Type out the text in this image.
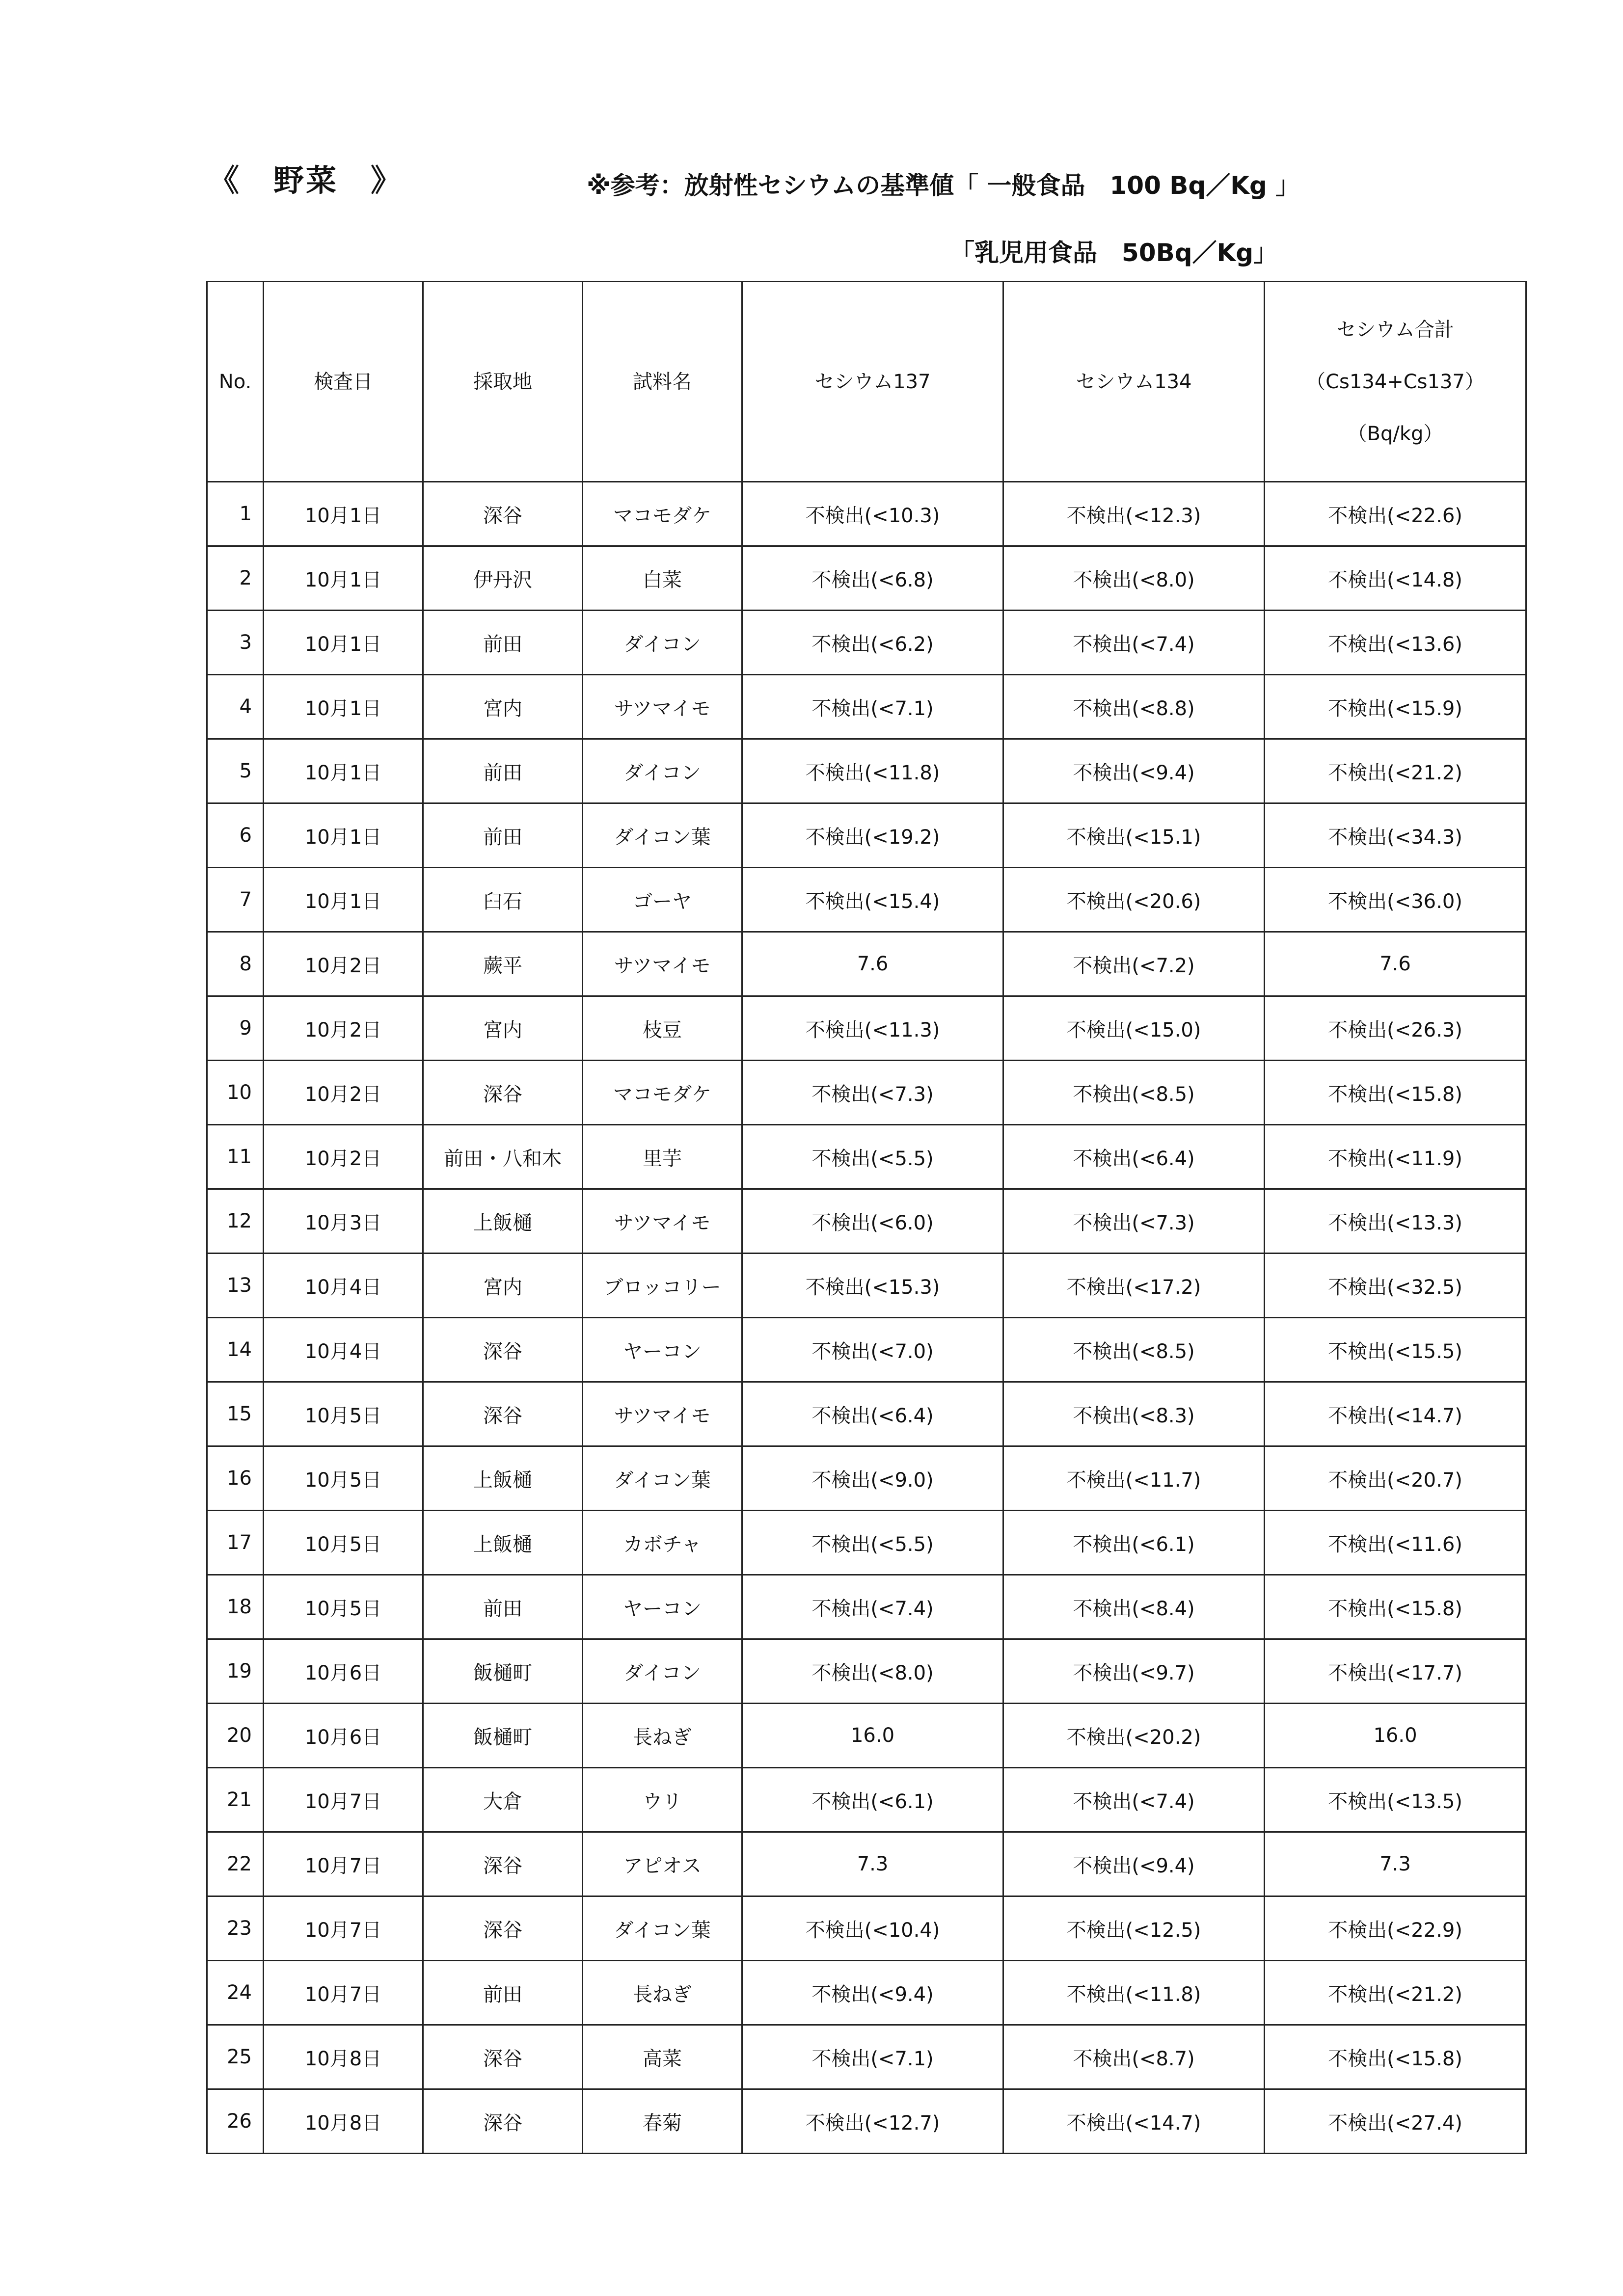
《　野菜　》	※参考：放射性セシウムの基準値「 一般食品　100 Bq／Kg 」
「乳児用食品　50Bq／Kg」
No.	検査日	採取地	試料名	セシウム137	セシウム134	セシウム合計
（Cs134+Cs137）
（Bq/kg）

1	10月1日	深谷	マコモダケ	不検出(<10.3)	不検出(<12.3)	不検出(<22.6)
2	10月1日	伊丹沢	白菜	不検出(<6.8)	不検出(<8.0)	不検出(<14.8)
3	10月1日	前田	ダイコン	不検出(<6.2)	不検出(<7.4)	不検出(<13.6)
4	10月1日	宮内	サツマイモ	不検出(<7.1)	不検出(<8.8)	不検出(<15.9)
5	10月1日	前田	ダイコン	不検出(<11.8)	不検出(<9.4)	不検出(<21.2)
6	10月1日	前田	ダイコン葉	不検出(<19.2)	不検出(<15.1)	不検出(<34.3)
7	10月1日	臼石	ゴーヤ	不検出(<15.4)	不検出(<20.6)	不検出(<36.0)
8	10月2日	蕨平	サツマイモ	7.6	不検出(<7.2)	7.6
9	10月2日	宮内	枝豆	不検出(<11.3)	不検出(<15.0)	不検出(<26.3)
10	10月2日	深谷	マコモダケ	不検出(<7.3)	不検出(<8.5)	不検出(<15.8)
11	10月2日	前田・八和木	里芋	不検出(<5.5)	不検出(<6.4)	不検出(<11.9)
12	10月3日	上飯樋	サツマイモ	不検出(<6.0)	不検出(<7.3)	不検出(<13.3)
13	10月4日	宮内	ブロッコリー	不検出(<15.3)	不検出(<17.2)	不検出(<32.5)
14	10月4日	深谷	ヤーコン	不検出(<7.0)	不検出(<8.5)	不検出(<15.5)
15	10月5日	深谷	サツマイモ	不検出(<6.4)	不検出(<8.3)	不検出(<14.7)
16	10月5日	上飯樋	ダイコン葉	不検出(<9.0)	不検出(<11.7)	不検出(<20.7)
17	10月5日	上飯樋	カボチャ	不検出(<5.5)	不検出(<6.1)	不検出(<11.6)
18	10月5日	前田	ヤーコン	不検出(<7.4)	不検出(<8.4)	不検出(<15.8)
19	10月6日	飯樋町	ダイコン	不検出(<8.0)	不検出(<9.7)	不検出(<17.7)
20	10月6日	飯樋町	長ねぎ	16.0	不検出(<20.2)	16.0
21	10月7日	大倉	ウリ	不検出(<6.1)	不検出(<7.4)	不検出(<13.5)
22	10月7日	深谷	アピオス	7.3	不検出(<9.4)	7.3
23	10月7日	深谷	ダイコン葉	不検出(<10.4)	不検出(<12.5)	不検出(<22.9)
24	10月7日	前田	長ねぎ	不検出(<9.4)	不検出(<11.8)	不検出(<21.2)
25	10月8日	深谷	高菜	不検出(<7.1)	不検出(<8.7)	不検出(<15.8)
26	10月8日	深谷	春菊	不検出(<12.7)	不検出(<14.7)	不検出(<27.4)
